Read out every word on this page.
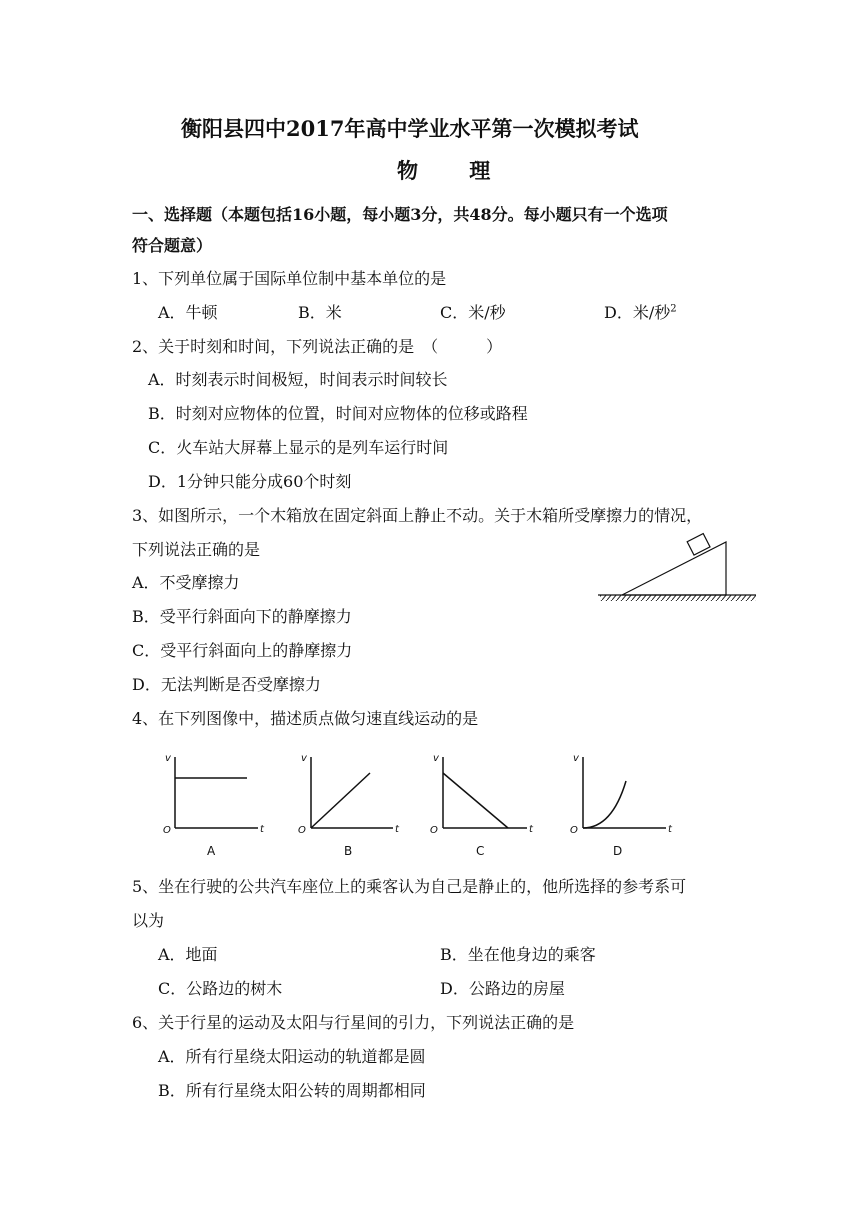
衡阳县四中2017年高中学业水平第一次模拟考试
物 理
一、选择题（本题包括16小题，每小题3分，共48分。每小题只有一个选项
符合题意）
1、下列单位属于国际单位制中基本单位的是
A．牛顿	B．米	C．米/秒	D．米/秒$^2$
2、关于时刻和时间，下列说法正确的是　（　　　）
A．时刻表示时间极短，时间表示时间较长
B．时刻对应物体的位置，时间对应物体的位移或路程
C．火车站大屏幕上显示的是列车运行时间
D．1分钟只能分成60个时刻
3、如图所示，一个木箱放在固定斜面上静止不动。关于木箱所受摩擦力的情况，
下列说法正确的是
A．不受摩擦力
B．受平行斜面向下的静摩擦力
C．受平行斜面向上的静摩擦力
D．无法判断是否受摩擦力
4、在下列图像中，描述质点做匀速直线运动的是
v
t
O
v
t
O
v
t
O
v
t
O
A	B	C	D
5、坐在行驶的公共汽车座位上的乘客认为自己是静止的，他所选择的参考系可
以为
A．地面	B．坐在他身边的乘客
C．公路边的树木	D．公路边的房屋
6、关于行星的运动及太阳与行星间的引力，下列说法正确的是
A．所有行星绕太阳运动的轨道都是圆
B．所有行星绕太阳公转的周期都相同
